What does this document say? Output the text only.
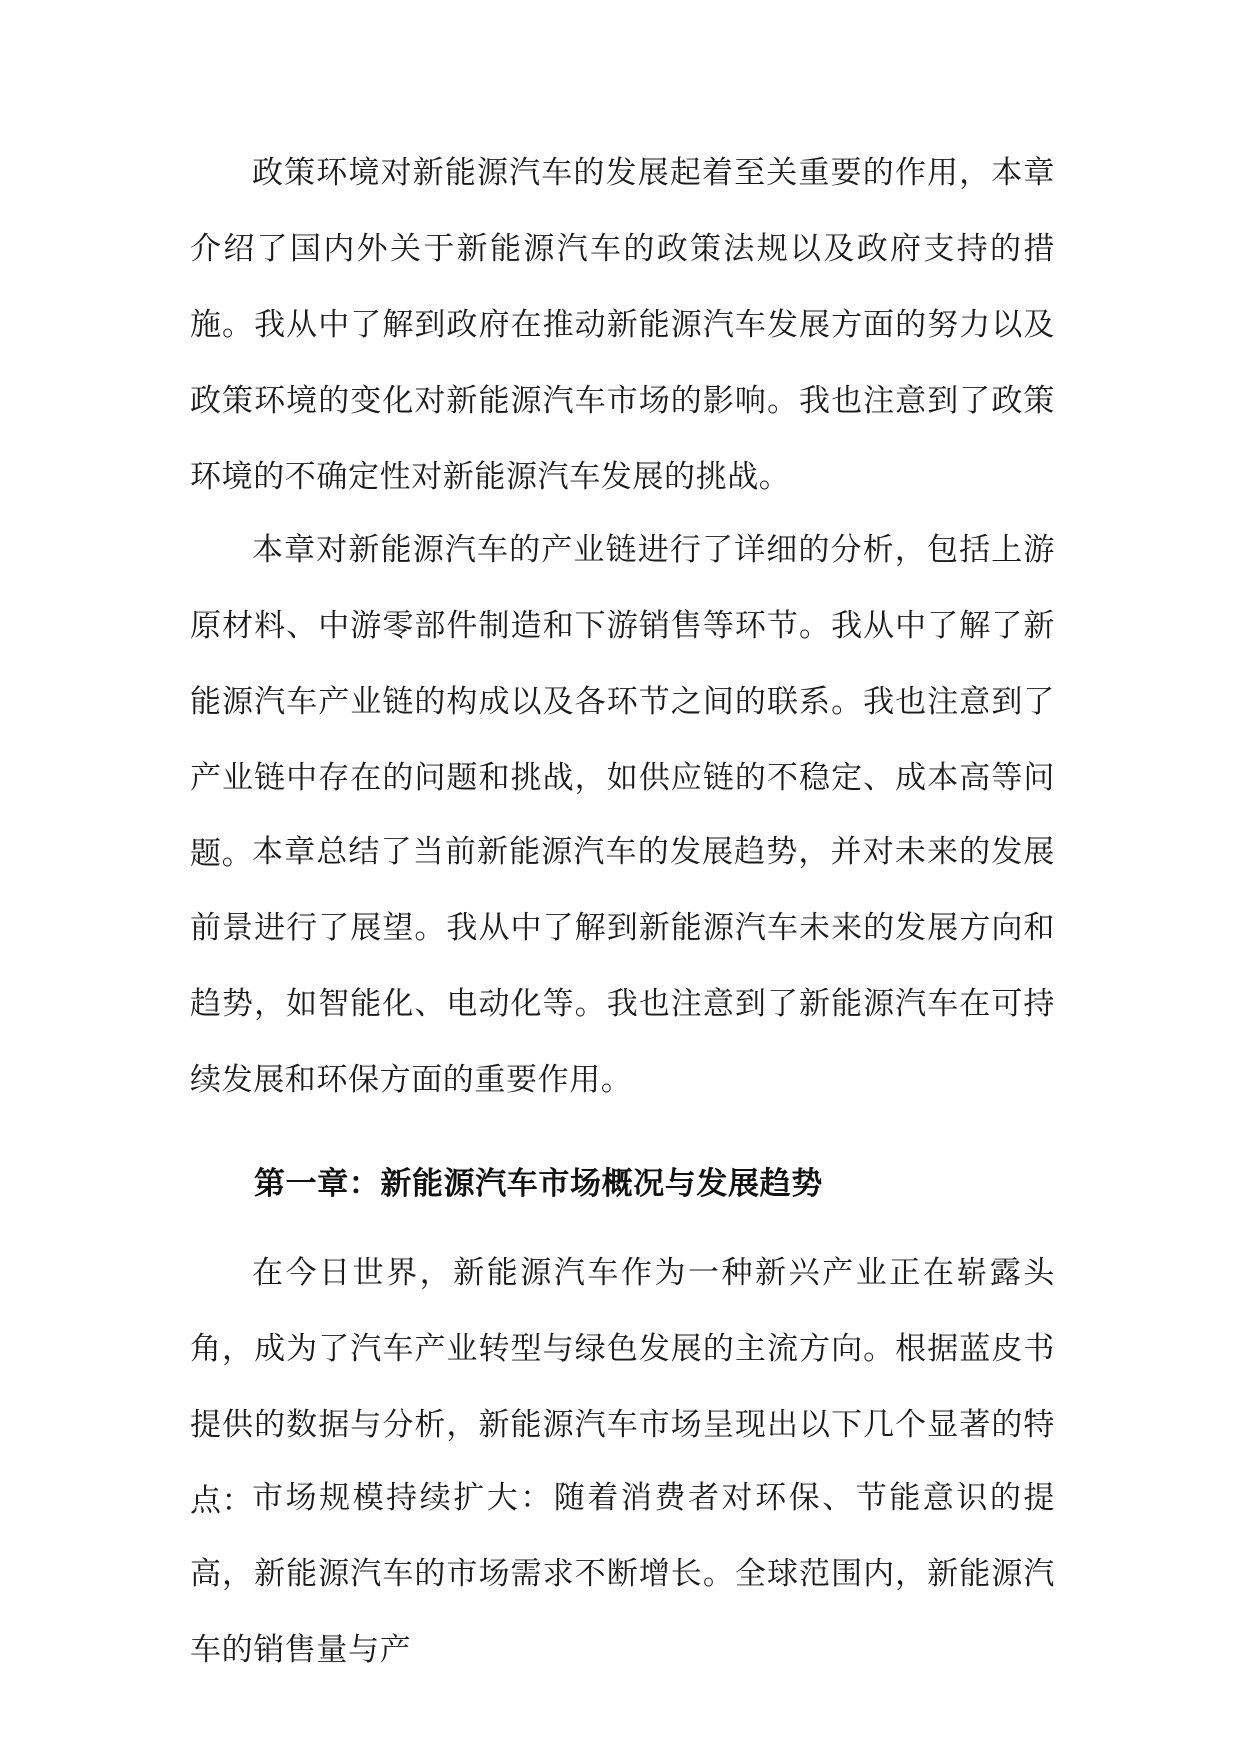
政策环境对新能源汽车的发展起着至关重要的作用，本章介绍了国内外关于新能源汽车的政策法规以及政府支持的措施。我从中了解到政府在推动新能源汽车发展方面的努力以及政策环境的变化对新能源汽车市场的影响。我也注意到了政策环境的不确定性对新能源汽车发展的挑战。

本章对新能源汽车的产业链进行了详细的分析，包括上游原材料、中游零部件制造和下游销售等环节。我从中了解了新能源汽车产业链的构成以及各环节之间的联系。我也注意到了产业链中存在的问题和挑战，如供应链的不稳定、成本高等问题。

本章总结了当前新能源汽车的发展趋势，并对未来的发展前景进行了展望。我从中了解到新能源汽车未来的发展方向和趋势，如智能化、电动化等。我也注意到了新能源汽车在可持续发展和环保方面的重要作用。

第一章：新能源汽车市场概况与发展趋势

在今日世界，新能源汽车作为一种新兴产业正在崭露头角，成为了汽车产业转型与绿色发展的主流方向。根据蓝皮书提供的数据与分析，新能源汽车市场呈现出以下几个显著的特点：

市场规模持续扩大：随着消费者对环保、节能意识的提高，新能源汽车的市场需求不断增长。全球范围内，新能源汽车的销售量与产
